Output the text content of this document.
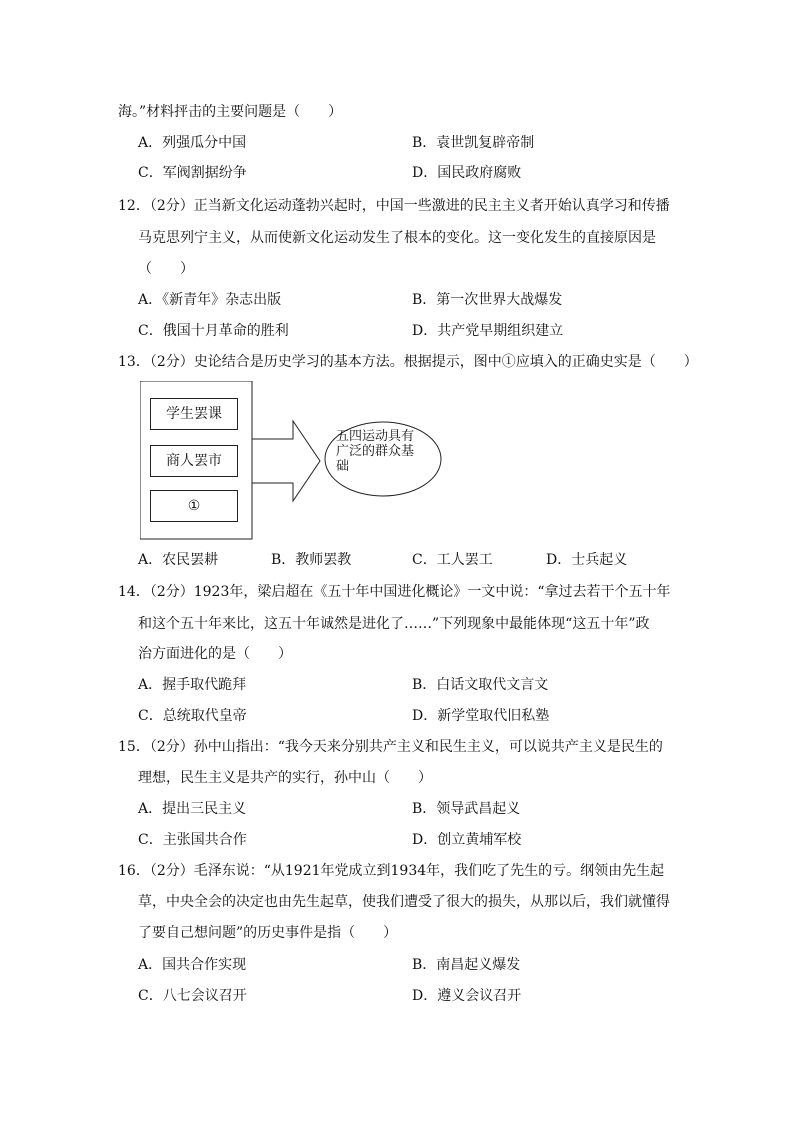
海。”材料抨击的主要问题是（　　）
A．列强瓜分中国	B．袁世凯复辟帝制
C．军阀割据纷争	D．国民政府腐败
12．（2分）正当新文化运动蓬勃兴起时，中国一些激进的民主主义者开始认真学习和传播
马克思列宁主义，从而使新文化运动发生了根本的变化。这一变化发生的直接原因是
（　　）
A．《新青年》杂志出版	B．第一次世界大战爆发
C．俄国十月革命的胜利	D．共产党早期组织建立
13．（2分）史论结合是历史学习的基本方法。根据提示，图中①应填入的正确史实是（　　）
学生罢课
商人罢市
①
五四运动具有广泛的群众基础
A．农民罢耕	B．教师罢教	C．工人罢工	D．士兵起义
14．（2分）1923年，梁启超在《五十年中国进化概论》一文中说：“拿过去若干个五十年
和这个五十年来比，这五十年诚然是进化了……”下列现象中最能体现“这五十年”政
治方面进化的是（　　）
A．握手取代跪拜	B．白话文取代文言文
C．总统取代皇帝	D．新学堂取代旧私塾
15．（2分）孙中山指出：“我今天来分别共产主义和民生主义，可以说共产主义是民生的
理想，民生主义是共产的实行，孙中山（　　）
A．提出三民主义	B．领导武昌起义
C．主张国共合作	D．创立黄埔军校
16．（2分）毛泽东说：“从1921年党成立到1934年，我们吃了先生的亏。纲领由先生起
草，中央全会的决定也由先生起草，使我们遭受了很大的损失，从那以后，我们就懂得
了要自己想问题”的历史事件是指（　　）
A．国共合作实现	B．南昌起义爆发
C．八七会议召开	D．遵义会议召开
